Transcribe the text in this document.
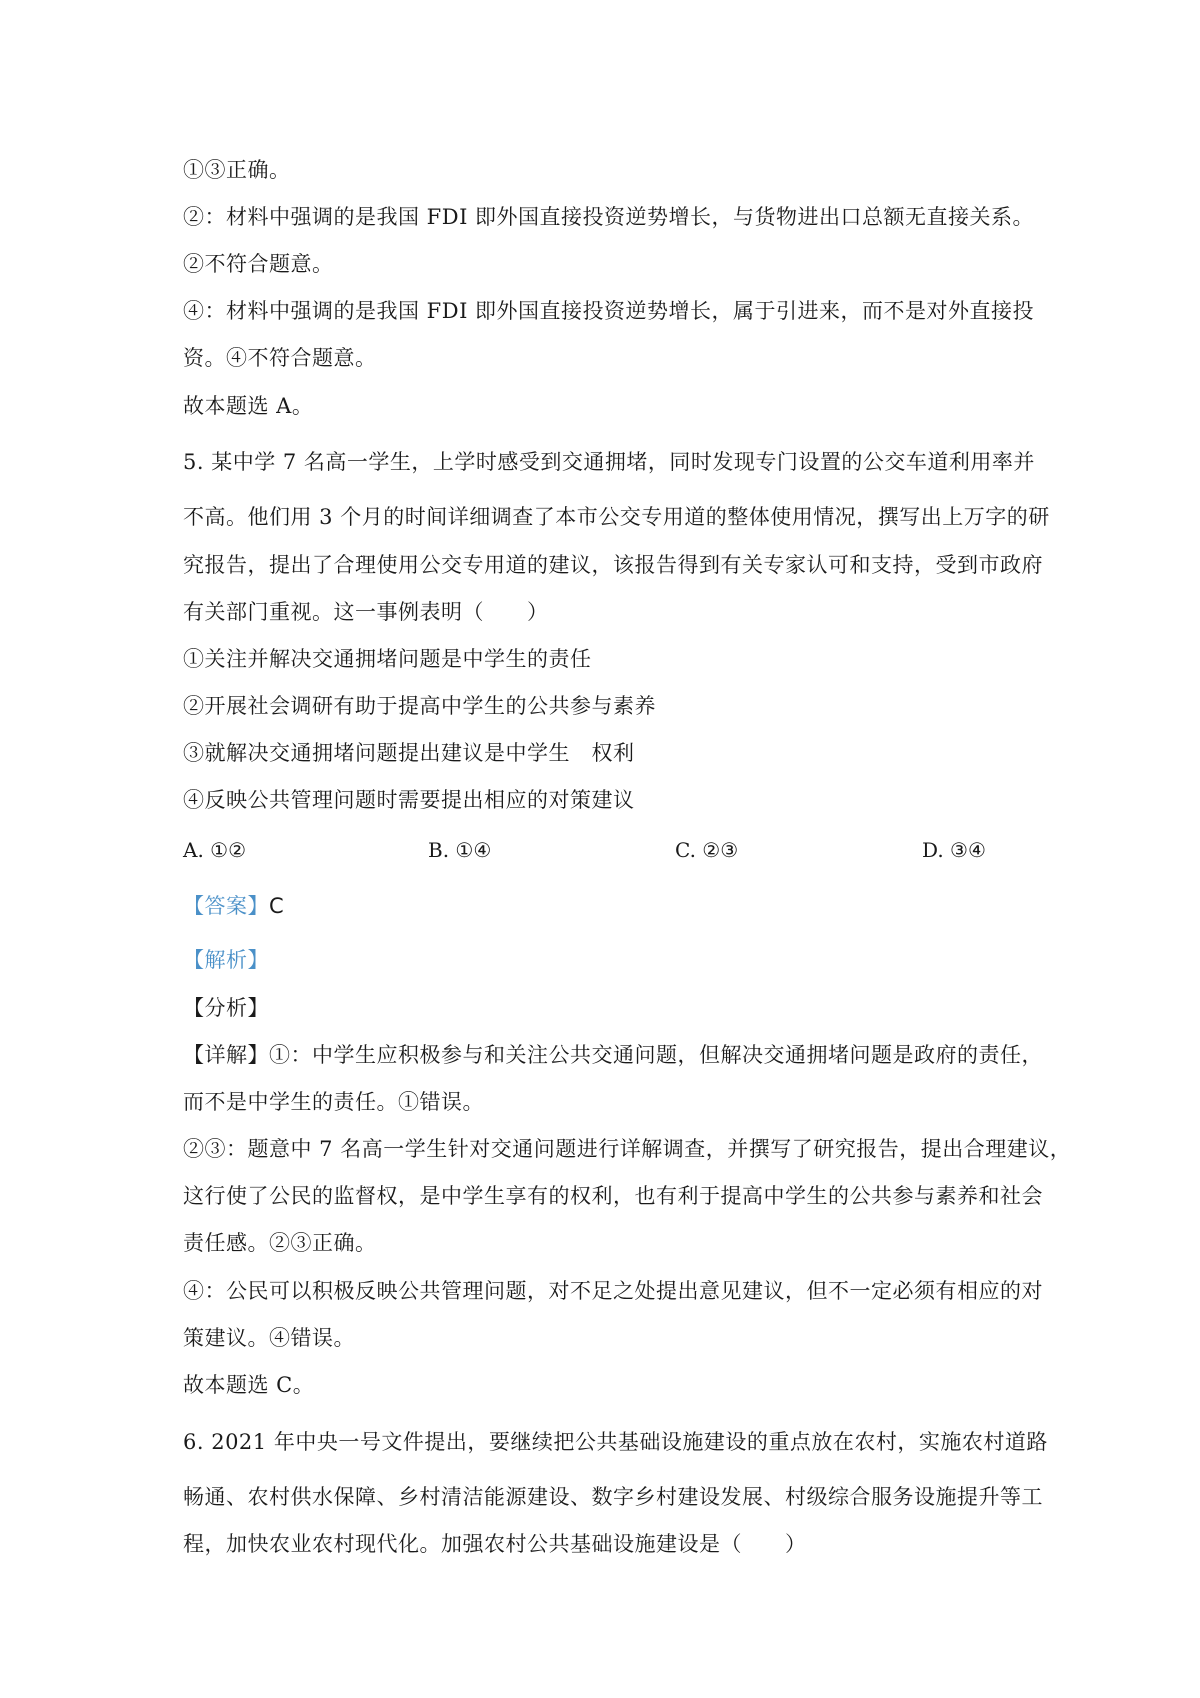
①③正确。
②：材料中强调的是我国 FDI 即外国直接投资逆势增长，与货物进出口总额无直接关系。
②不符合题意。
④：材料中强调的是我国 FDI 即外国直接投资逆势增长，属于引进来，而不是对外直接投
资。④不符合题意。
故本题选 A。
5. 某中学 7 名高一学生，上学时感受到交通拥堵，同时发现专门设置的公交车道利用率并
不高。他们用 3 个月的时间详细调查了本市公交专用道的整体使用情况，撰写出上万字的研
究报告，提出了合理使用公交专用道的建议，该报告得到有关专家认可和支持，受到市政府
有关部门重视。这一事例表明（　　）
①关注并解决交通拥堵问题是中学生的责任
②开展社会调研有助于提高中学生的公共参与素养
③就解决交通拥堵问题提出建议是中学生　权利
④反映公共管理问题时需要提出相应的对策建议
A. ①②	B. ①④	C. ②③	D. ③④
【答案】C
【解析】
【分析】
【详解】①：中学生应积极参与和关注公共交通问题，但解决交通拥堵问题是政府的责任，
而不是中学生的责任。①错误。
②③：题意中 7 名高一学生针对交通问题进行详解调查，并撰写了研究报告，提出合理建议，
这行使了公民的监督权，是中学生享有的权利，也有利于提高中学生的公共参与素养和社会
责任感。②③正确。
④：公民可以积极反映公共管理问题，对不足之处提出意见建议，但不一定必须有相应的对
策建议。④错误。
故本题选 C。
6. 2021 年中央一号文件提出，要继续把公共基础设施建设的重点放在农村，实施农村道路
畅通、农村供水保障、乡村清洁能源建设、数字乡村建设发展、村级综合服务设施提升等工
程，加快农业农村现代化。加强农村公共基础设施建设是（　　）
